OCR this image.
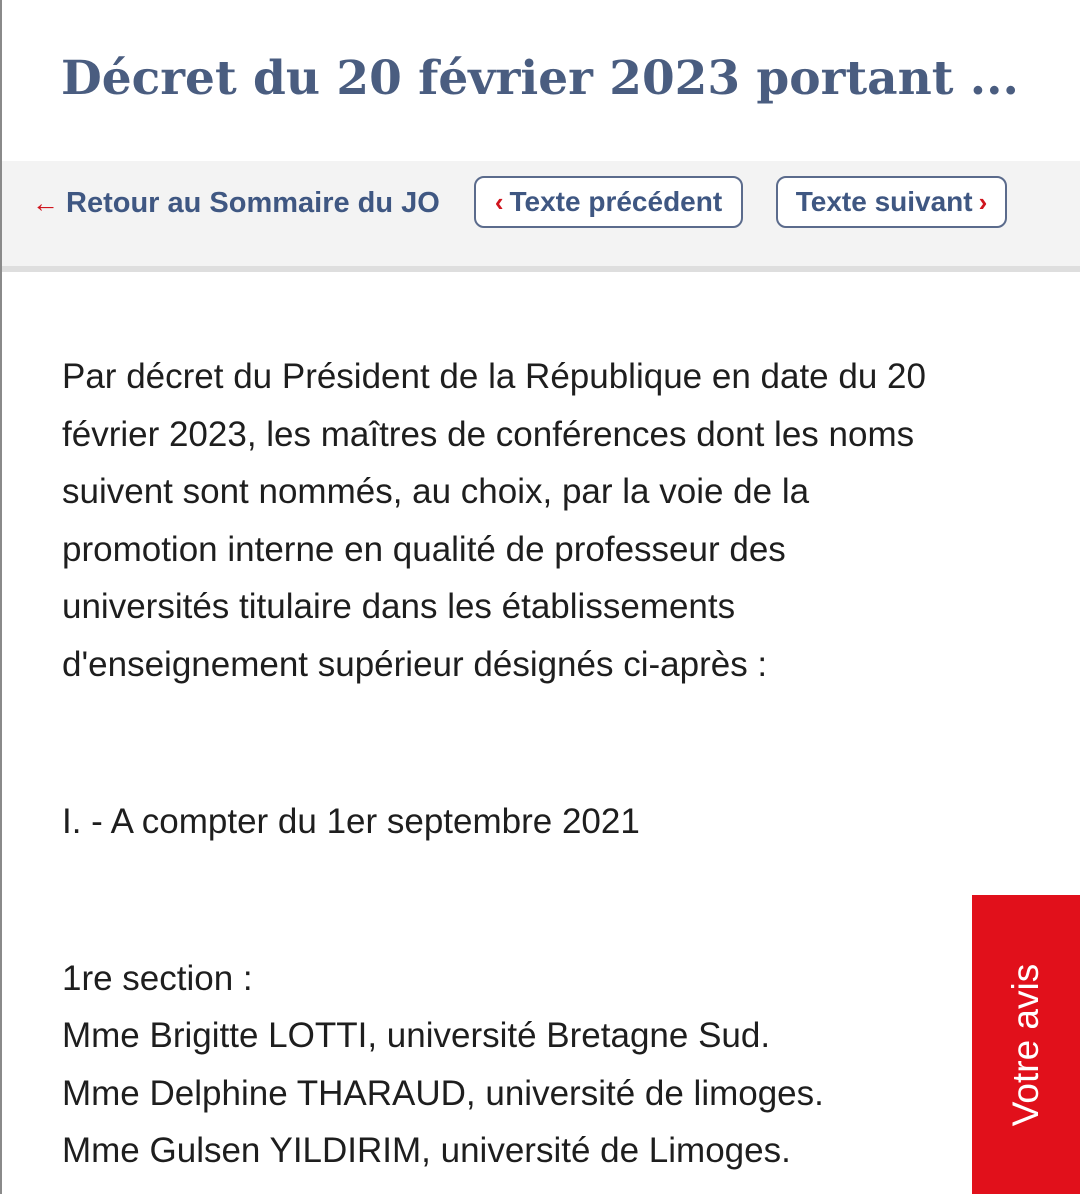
Décret du 20 février 2023 portant ...
← Retour au Sommaire du JO ‹ Texte précédent	Texte suivant ›

Par décret du Président de la République en date du 20
février 2023, les maîtres de conférences dont les noms
suivent sont nommés, au choix, par la voie de la
promotion interne en qualité de professeur des
universités titulaire dans les établissements
d'enseignement supérieur désignés ci-après :

I. - A compter du 1er septembre 2021

1re section :

Mme Brigitte LOTTI, université Bretagne Sud.

Mme Delphine THARAUD, université de limoges.

Mme Gulsen YILDIRIM, université de Limoges.

Votre avis
